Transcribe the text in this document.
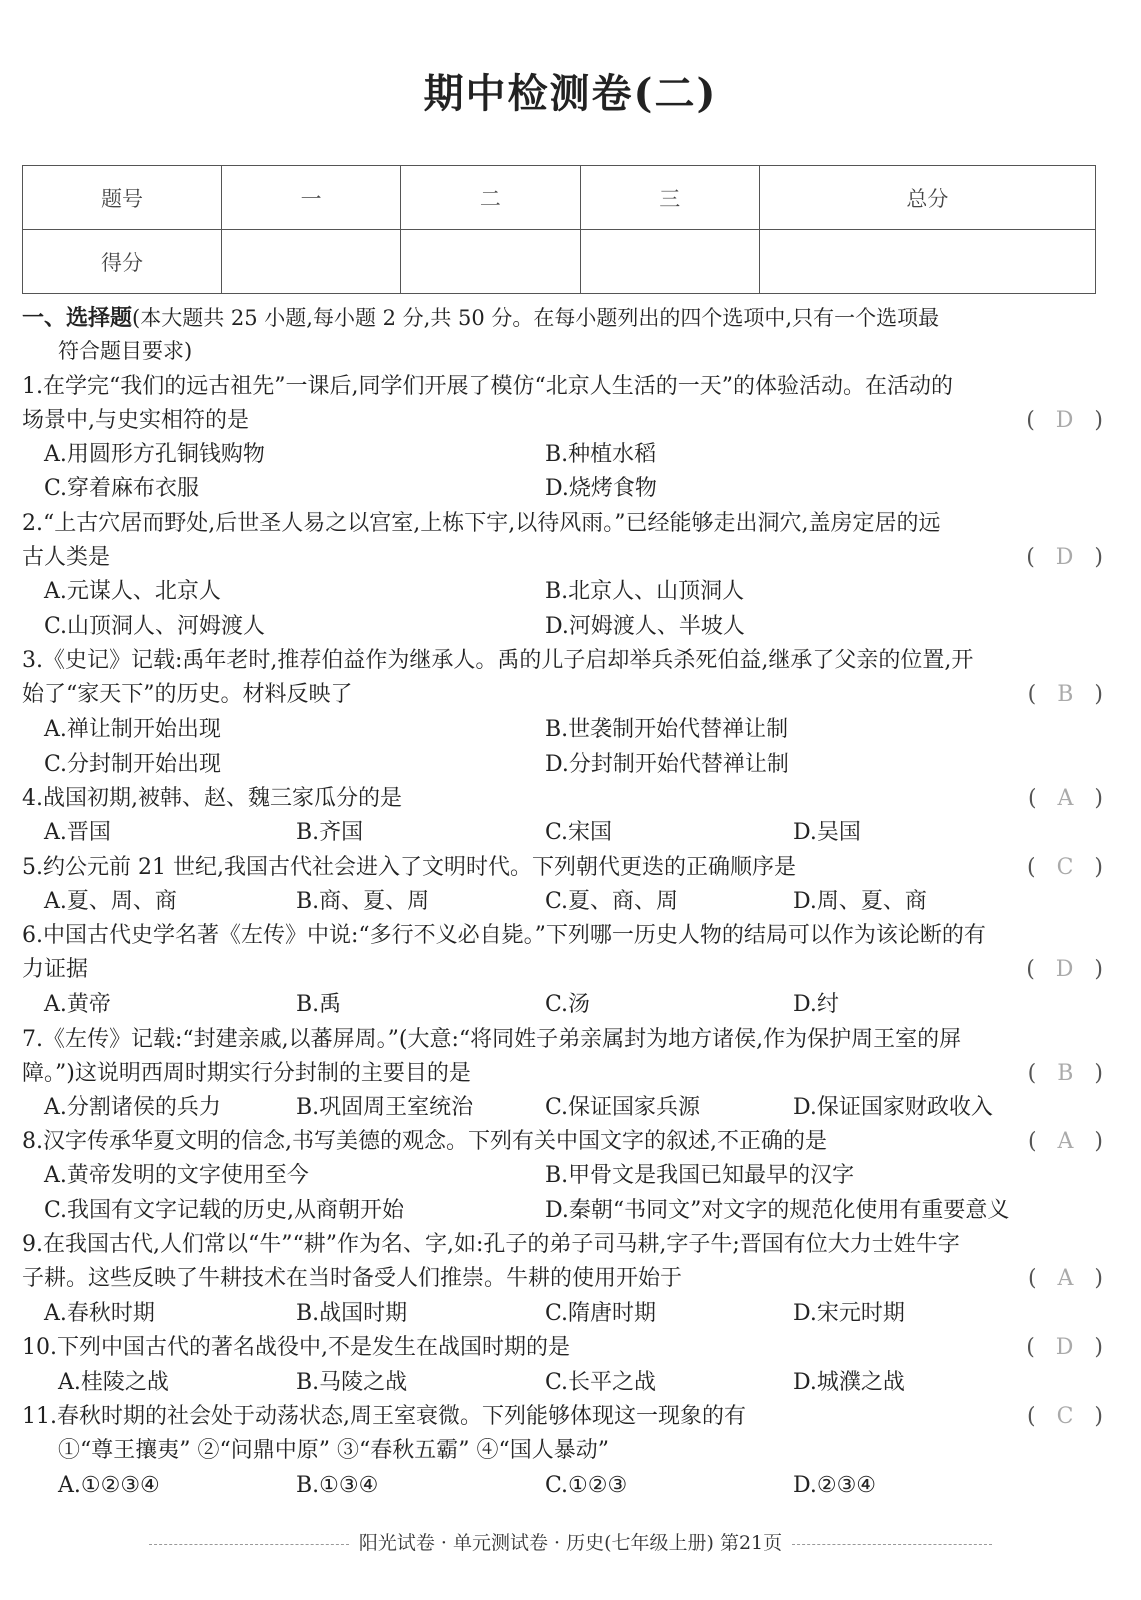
期中检测卷(二)
题号	一	二	三	总分
得分				
一、选择题(本大题共 25 小题,每小题 2 分,共 50 分。在每小题列出的四个选项中,只有一个选项最
符合题目要求)
1.在学完“我们的远古祖先”一课后,同学们开展了模仿“北京人生活的一天”的体验活动。在活动的
场景中,与史实相符的是	( D )
A.用圆形方孔铜钱购物	B.种植水稻
C.穿着麻布衣服	D.烧烤食物
2.“上古穴居而野处,后世圣人易之以宫室,上栋下宇,以待风雨。”已经能够走出洞穴,盖房定居的远
古人类是	( D )
A.元谋人、北京人	B.北京人、山顶洞人
C.山顶洞人、河姆渡人	D.河姆渡人、半坡人
3.《史记》记载:禹年老时,推荐伯益作为继承人。禹的儿子启却举兵杀死伯益,继承了父亲的位置,开
始了“家天下”的历史。材料反映了	( B )
A.禅让制开始出现	B.世袭制开始代替禅让制
C.分封制开始出现	D.分封制开始代替禅让制
4.战国初期,被韩、赵、魏三家瓜分的是	( A )
A.晋国	B.齐国	C.宋国	D.吴国
5.约公元前 21 世纪,我国古代社会进入了文明时代。下列朝代更迭的正确顺序是	( C )
A.夏、周、商	B.商、夏、周	C.夏、商、周	D.周、夏、商
6.中国古代史学名著《左传》中说:“多行不义必自毙。”下列哪一历史人物的结局可以作为该论断的有
力证据	( D )
A.黄帝	B.禹	C.汤	D.纣
7.《左传》记载:“封建亲戚,以蕃屏周。”(大意:“将同姓子弟亲属封为地方诸侯,作为保护周王室的屏
障。”)这说明西周时期实行分封制的主要目的是	( B )
A.分割诸侯的兵力	B.巩固周王室统治	C.保证国家兵源	D.保证国家财政收入
8.汉字传承华夏文明的信念,书写美德的观念。下列有关中国文字的叙述,不正确的是	( A )
A.黄帝发明的文字使用至今	B.甲骨文是我国已知最早的汉字
C.我国有文字记载的历史,从商朝开始	D.秦朝“书同文”对文字的规范化使用有重要意义
9.在我国古代,人们常以“牛”“耕”作为名、字,如:孔子的弟子司马耕,字子牛;晋国有位大力士姓牛字
子耕。这些反映了牛耕技术在当时备受人们推崇。牛耕的使用开始于	( A )
A.春秋时期	B.战国时期	C.隋唐时期	D.宋元时期
10.下列中国古代的著名战役中,不是发生在战国时期的是	( D )
A.桂陵之战	B.马陵之战	C.长平之战	D.城濮之战
11.春秋时期的社会处于动荡状态,周王室衰微。下列能够体现这一现象的有
①“尊王攘夷” ②“问鼎中原” ③“春秋五霸” ④“国人暴动”
( C )
A.①②③④	B.①③④	C.①②③	D.②③④
阳光试卷 · 单元测试卷 · 历史(七年级上册) 第21页
